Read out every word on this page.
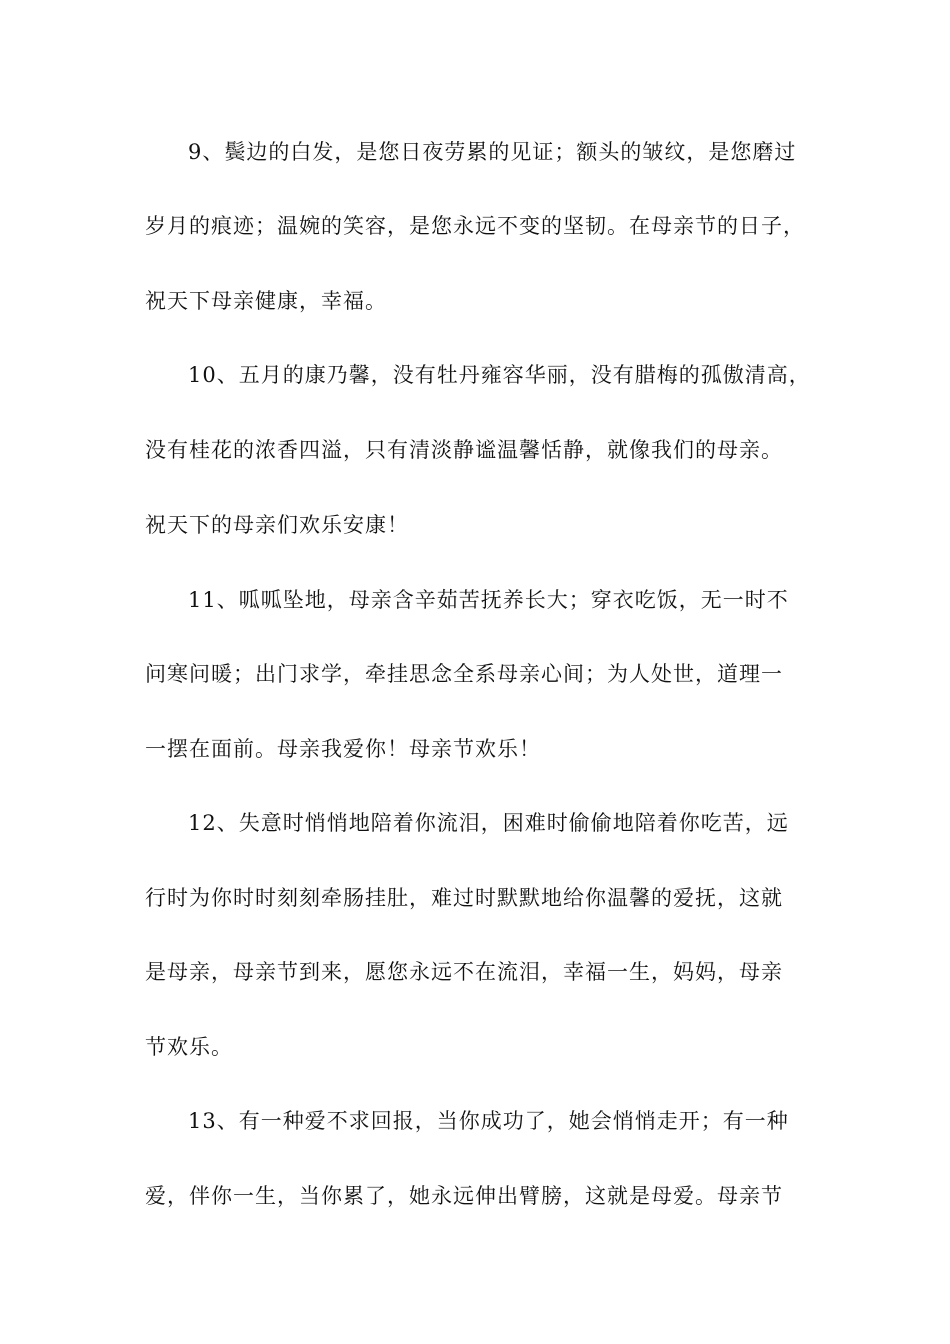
9、鬓边的白发，是您日夜劳累的见证；额头的皱纹，是您磨过
岁月的痕迹；温婉的笑容，是您永远不变的坚韧。在母亲节的日子，
祝天下母亲健康，幸福。
10、五月的康乃馨，没有牡丹雍容华丽，没有腊梅的孤傲清高，
没有桂花的浓香四溢，只有清淡静谧温馨恬静，就像我们的母亲。
祝天下的母亲们欢乐安康！
11、呱呱坠地，母亲含辛茹苦抚养长大；穿衣吃饭，无一时不
问寒问暖；出门求学，牵挂思念全系母亲心间；为人处世，道理一
一摆在面前。母亲我爱你！母亲节欢乐！
12、失意时悄悄地陪着你流泪，困难时偷偷地陪着你吃苦，远
行时为你时时刻刻牵肠挂肚，难过时默默地给你温馨的爱抚，这就
是母亲，母亲节到来，愿您永远不在流泪，幸福一生，妈妈，母亲
节欢乐。
13、有一种爱不求回报，当你成功了，她会悄悄走开；有一种
爱，伴你一生，当你累了，她永远伸出臂膀，这就是母爱。母亲节
